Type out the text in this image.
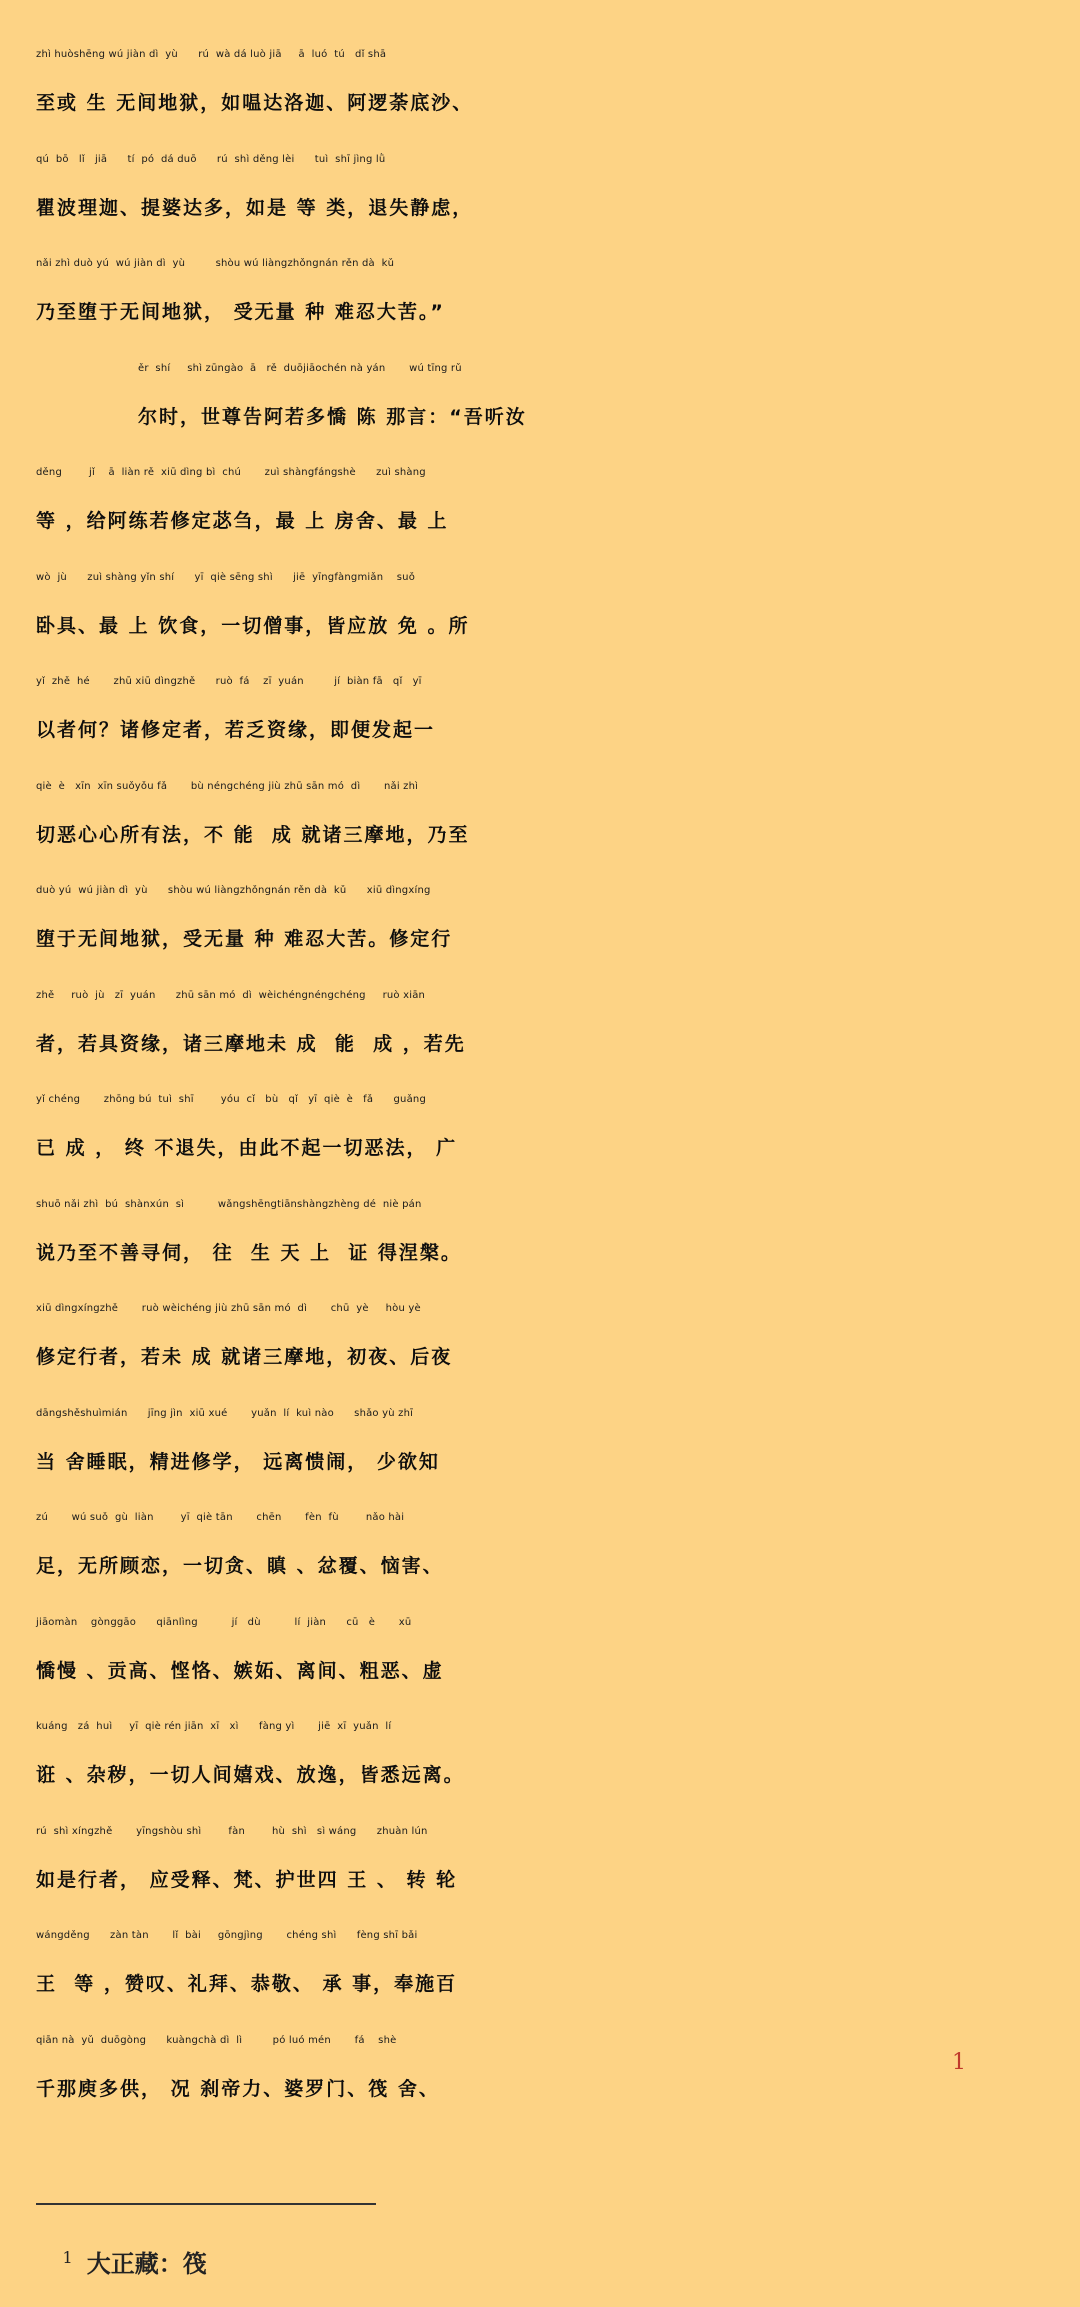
zhì huòshēng wú jiàn dì  yù      rú  wà dá luò jiā     ā  luó  tú   dǐ shā
至或 生 无间地狱，如嗢达洛迦、阿逻荼底沙、
qú  bō   lǐ   jiā      tí  pó  dá duō      rú  shì děng lèi      tuì  shī jìng lǜ
瞿波理迦、提婆达多，如是 等 类，退失静虑，
nǎi zhì duò yú  wú jiàn dì  yù         shòu wú liàngzhǒngnán rěn dà  kǔ
乃至堕于无间地狱， 受无量 种 难忍大苦。”
ěr  shí     shì zūngào  ā   rě  duōjiāochén nà yán       wú tīng rǔ
尔时，世尊告阿若多憍 陈 那言：“吾听汝
děng        jǐ    ā  liàn rě  xiū dìng bì  chú       zuì shàngfángshè      zuì shàng
等 ，给阿练若修定苾刍，最 上 房舍、最 上
wò  jù      zuì shàng yǐn shí      yī  qiè sēng shì      jiē  yīngfàngmiǎn    suǒ
卧具、最 上 饮食，一切僧事，皆应放 免 。所
yǐ  zhě  hé       zhū xiū dìngzhě      ruò  fá    zī  yuán         jí  biàn fā   qǐ   yī
以者何？诸修定者，若乏资缘，即便发起一
qiè  è   xīn  xīn suǒyǒu fǎ       bù néngchéng jiù zhū sān mó  dì       nǎi zhì
切恶心心所有法，不 能  成 就诸三摩地，乃至
duò yú  wú jiàn dì  yù      shòu wú liàngzhǒngnán rěn dà  kǔ      xiū dìngxíng
堕于无间地狱，受无量 种 难忍大苦。修定行
zhě     ruò  jù   zī  yuán      zhū sān mó  dì  wèichéngnéngchéng     ruò xiān
者，若具资缘，诸三摩地未 成  能  成 ，若先
yǐ chéng       zhōng bú  tuì  shī        yóu  cǐ   bù   qǐ   yī  qiè  è   fǎ      guǎng
已 成 ， 终 不退失，由此不起一切恶法， 广
shuō nǎi zhì  bú  shànxún  sì          wǎngshēngtiānshàngzhèng dé  niè pán
说乃至不善寻伺， 往  生 天 上  证 得涅槃。
xiū dìngxíngzhě       ruò wèichéng jiù zhū sān mó  dì       chū  yè     hòu yè
修定行者，若未 成 就诸三摩地，初夜、后夜
dāngshěshuìmián      jīng jìn  xiū xué       yuǎn  lí  kuì nào      shǎo yù zhī
当 舍睡眠，精进修学， 远离愦闹， 少欲知
zú       wú suǒ  gù  liàn        yī  qiè tān       chēn       fèn  fù        nǎo hài
足，无所顾恋，一切贪、瞋 、忿覆、恼害、
jiāomàn    gònggāo      qiānlìng          jí   dù          lí  jiàn      cū   è       xū
憍慢 、贡高、悭恪、嫉妬、离间、粗恶、虚
kuáng   zá  huì     yī  qiè rén jiān  xī   xì      fàng yì       jiē  xī  yuǎn  lí
诳 、杂秽，一切人间嬉戏、放逸，皆悉远离。
rú  shì xíngzhě       yīngshòu shì        fàn        hù  shì   sì wáng      zhuàn lún
如是行者， 应受释、梵、护世四 王 、 转 轮
wángděng      zàn tàn       lǐ  bài     gōngjìng       chéng shì      fèng shī bǎi
王  等 ，赞叹、礼拜、恭敬、 承 事，奉施百
qiān nà  yǔ  duōgòng      kuàngchà dì  lì         pó luó mén       fá    shè
千那庾多供， 况 刹帝力、婆罗门、筏 舍、
1

$^1$ 大正藏：筏
